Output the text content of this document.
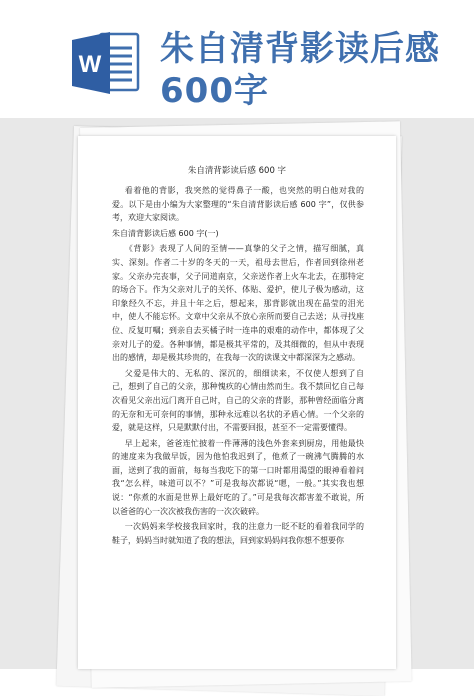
W 朱自清背影读后感600字
朱自清背影读后感 600 字

看着他的背影，我突然的觉得鼻子一酸，也突然的明白他对我的爱。以下是由小编为大家整理的“朱自清背影读后感 600 字”，仅供参考，欢迎大家阅读。

朱自清背影读后感 600 字(一)

《背影》表现了人间的至情——真挚的父子之情，描写细腻，真实、深刻。作者二十岁的冬天的一天，祖母去世后，作者回到徐州老家。父亲办完丧事，父子同道南京，父亲送作者上火车北去，在那特定的场合下。作为父亲对儿子的关怀、体贴、爱护，使儿子极为感动，这印象经久不忘，并且十年之后，想起来，那背影就出现在晶莹的泪光中，使人不能忘怀。文章中父亲从不放心亲所而要自己去送；从寻找座位、反复叮嘱；到亲自去买橘子时一连串的艰难的动作中，都体现了父亲对儿子的爱。各种事情，都是极其平常的，及其细微的，但从中表现出的感情，却是极其珍贵的，在我每一次的读课文中都深深为之感动。

父爱是伟大的、无私的、深沉的，细细读来，不仅使人想到了自己，想到了自己的父亲，那种愧疚的心情由然而生。我不禁回忆自己每次看见父亲出远门离开自己时，自己的父亲的背影，那种曾经面临分离的无奈和无可奈何的事情，那种永远难以名状的矛盾心情。一个父亲的爱，就是这样，只是默默付出，不需要回报，甚至不一定需要懂得。

早上起来，爸爸连忙披着一件薄薄的浅色外套来到厨房，用他最快的速度来为我做早饭，因为他怕我迟到了，他煮了一碗沸气腾腾的水面，送到了我的面前，每每当我吃下的第一口时都用渴望的眼神看着问我“怎么样，味道可以不？”可是我每次都说“嗯，一般。”其实我也想说：“你煮的水面是世界上最好吃的了。”可是我每次都害羞不敢说，所以爸爸的心一次次被我伤害的一次次破碎。

一次妈妈来学校接我回家时，我的注意力一眨不眨的看着我同学的鞋子，妈妈当时就知道了我的想法，回到家妈妈问我你想不想要你
